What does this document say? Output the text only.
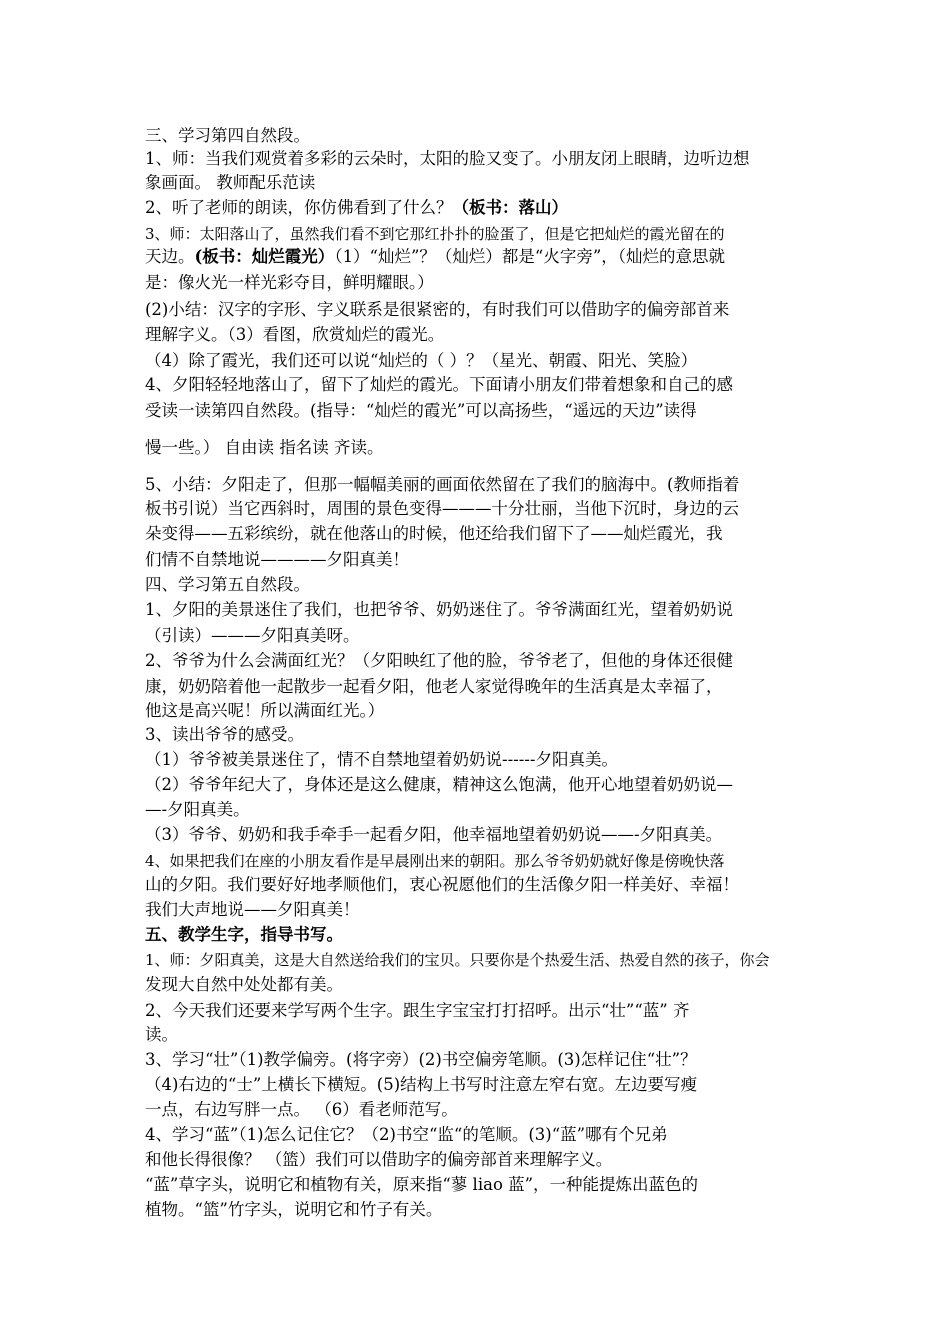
三、学习第四自然段。
1、师：当我们观赏着多彩的云朵时，太阳的脸又变了。小朋友闭上眼睛，边听边想
象画面。 教师配乐范读
2、听了老师的朗读，你仿佛看到了什么？（板书：落山）
3、师：太阳落山了，虽然我们看不到它那红扑扑的脸蛋了，但是它把灿烂的霞光留在的
天边。(板书：灿烂霞光）（1）“灿烂”？（灿烂）都是“火字旁”，（灿烂的意思就
是：像火光一样光彩夺目，鲜明耀眼。）
(2)小结：汉字的字形、字义联系是很紧密的，有时我们可以借助字的偏旁部首来
理解字义。（3）看图，欣赏灿烂的霞光。
（4）除了霞光，我们还可以说“灿烂的（ ）？（星光、朝霞、阳光、笑脸）
4、夕阳轻轻地落山了，留下了灿烂的霞光。下面请小朋友们带着想象和自己的感
受读一读第四自然段。(指导：“灿烂的霞光”可以高扬些，“遥远的天边”读得
慢一些。） 自由读 指名读 齐读。
5、小结：夕阳走了，但那一幅幅美丽的画面依然留在了我们的脑海中。(教师指着
板书引说）当它西斜时，周围的景色变得———十分壮丽，当他下沉时，身边的云
朵变得——五彩缤纷，就在他落山的时候，他还给我们留下了——灿烂霞光，我
们情不自禁地说————夕阳真美！
四、学习第五自然段。
1、夕阳的美景迷住了我们，也把爷爷、奶奶迷住了。爷爷满面红光，望着奶奶说
（引读）———夕阳真美呀。
2、爷爷为什么会满面红光？（夕阳映红了他的脸，爷爷老了，但他的身体还很健
康，奶奶陪着他一起散步一起看夕阳，他老人家觉得晚年的生活真是太幸福了，
他这是高兴呢！所以满面红光。）
3、读出爷爷的感受。
（1）爷爷被美景迷住了，情不自禁地望着奶奶说------夕阳真美。
（2）爷爷年纪大了，身体还是这么健康，精神这么饱满，他开心地望着奶奶说—
—-夕阳真美。
（3）爷爷、奶奶和我手牵手一起看夕阳，他幸福地望着奶奶说——-夕阳真美。
4、如果把我们在座的小朋友看作是早晨刚出来的朝阳。那么爷爷奶奶就好像是傍晚快落
山的夕阳。我们要好好地孝顺他们，衷心祝愿他们的生活像夕阳一样美好、幸福！
我们大声地说——夕阳真美！
五、教学生字，指导书写。
1、师：夕阳真美，这是大自然送给我们的宝贝。只要你是个热爱生活、热爱自然的孩子，你会
发现大自然中处处都有美。
2、今天我们还要来学写两个生字。跟生字宝宝打打招呼。出示“壮”“蓝” 齐
读。
3、学习“壮”（1)教学偏旁。(将字旁）(2)书空偏旁笔顺。(3)怎样记住“壮”？
（4)右边的“士”上横长下横短。(5)结构上书写时注意左窄右宽。左边要写瘦
一点，右边写胖一点。 （6）看老师范写。
4、学习“蓝”（1)怎么记住它？（2)书空“监“的笔顺。(3)“蓝”哪有个兄弟
和他长得很像？ （篮）我们可以借助字的偏旁部首来理解字义。
“蓝”草字头，说明它和植物有关，原来指“蓼 liao 蓝”，一种能提炼出蓝色的
植物。“篮”竹字头，说明它和竹子有关。
